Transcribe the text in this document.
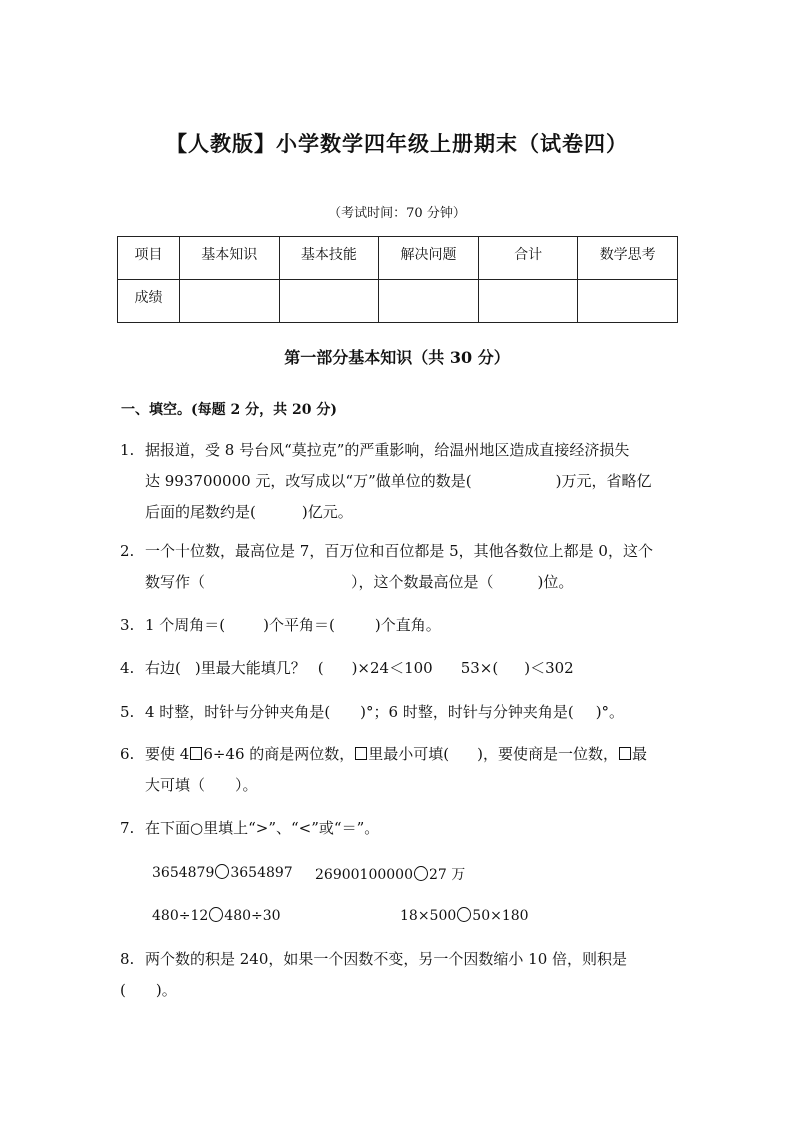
【人教版】小学数学四年级上册期末（试卷四）
（考试时间：70 分钟）
项目	基本知识	基本技能	解决问题	合计	数学思考
成绩					
第一部分基本知识（共 30 分）
一、填空。(每题 2 分，共 20 分)
1. 据报道，受 8 号台风“莫拉克”的严重影响，给温州地区造成直接经济损失
达 993700000 元，改写成以“万”做单位的数是(	)万元，省略亿
后面的尾数约是(	)亿元。
2. 一个十位数，最高位是 7，百万位和百位都是 5，其他各数位上都是 0，这个
数写作（	），这个数最高位是（	)位。
3. 1 个周角＝(	)个平角＝(	)个直角。
4. 右边( )里最大能填几？ ( )×24＜100 53×( )＜302
5. 4 时整，时针与分钟夹角是( )°；6 时整，时针与分钟夹角是( )°。
6. 要使 4 6÷46 的商是两位数， 里最小可填( )，要使商是一位数， 最
大可填（ ）。
7. 在下面○里填上“>”、“<”或“＝”。
3654879 3654897 26900100000 27 万
480÷12 480÷30	18×500 50×180
8. 两个数的积是 240，如果一个因数不变，另一个因数缩小 10 倍，则积是
(　　)。
